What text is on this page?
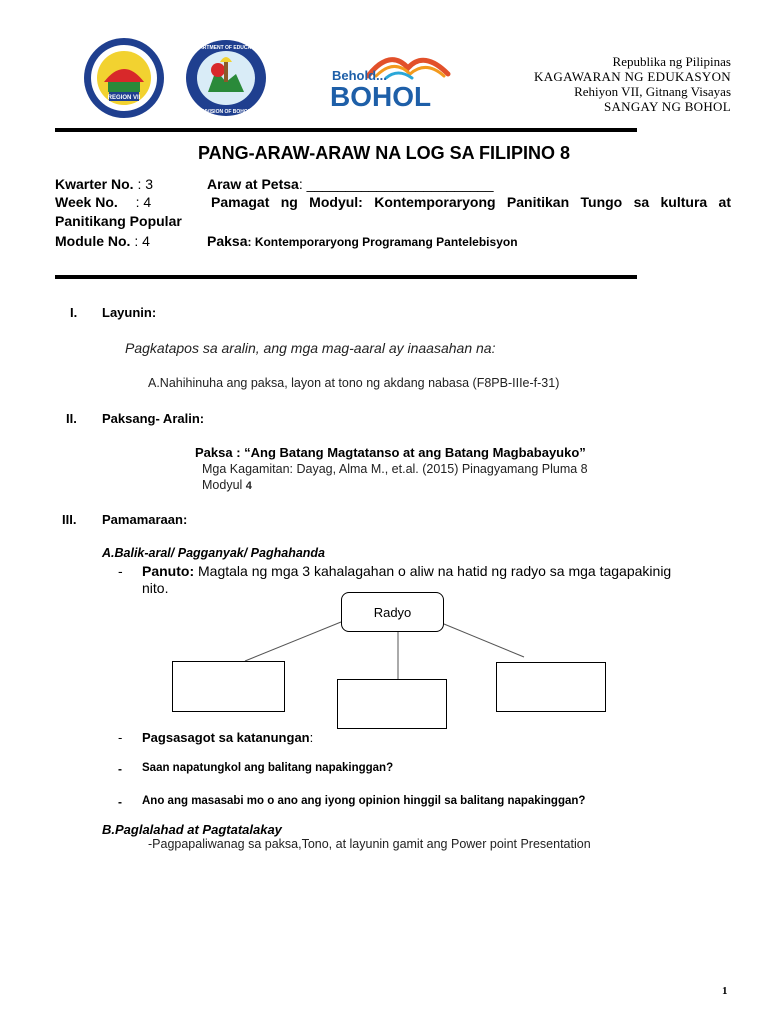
REGION VII
DEPARTMENT OF EDUCATION
DIVISION OF BOHOL
Behold...
BOHOL
Republika ng Pilipinas
KAGAWARAN NG EDUKASYON
Rehiyon VII, Gitnang Visayas
SANGAY NG BOHOL
PANG-ARAW-ARAW NA LOG SA FILIPINO 8
Kwarter No. : 3	Araw at Petsa: ________________________
Week No. : 4	Pamagat ng Modyul: Kontemporaryong Panitikan Tungo sa kultura at
Panitikang Popular
Module No. : 4	Paksa: Kontemporaryong Programang Pantelebisyon
I. Layunin:
Pagkatapos sa aralin, ang mga mag-aaral ay inaasahan na:
A.Nahihinuha ang paksa, layon at tono ng akdang nabasa (F8PB-IIIe-f-31)
II. Paksang- Aralin:
Paksa : “Ang Batang Magtatanso at ang Batang Magbabayuko”
Mga Kagamitan: Dayag, Alma M., et.al. (2015) Pinagyamang Pluma 8
Modyul 4
III. Pamamaraan:
A.Balik-aral/ Pagganyak/ Paghahanda
- Panuto: Magtala ng mga 3 kahalagahan o aliw na hatid ng radyo sa mga tagapakinig
nito.
Radyo
- Pagsasagot sa katanungan:
- Saan napatungkol ang balitang napakinggan?
- Ano ang masasabi mo o ano ang iyong opinion hinggil sa balitang napakinggan?
B.Paglalahad at Pagtatalakay
-Pagpapaliwanag sa paksa,Tono, at layunin gamit ang Power point Presentation
1
